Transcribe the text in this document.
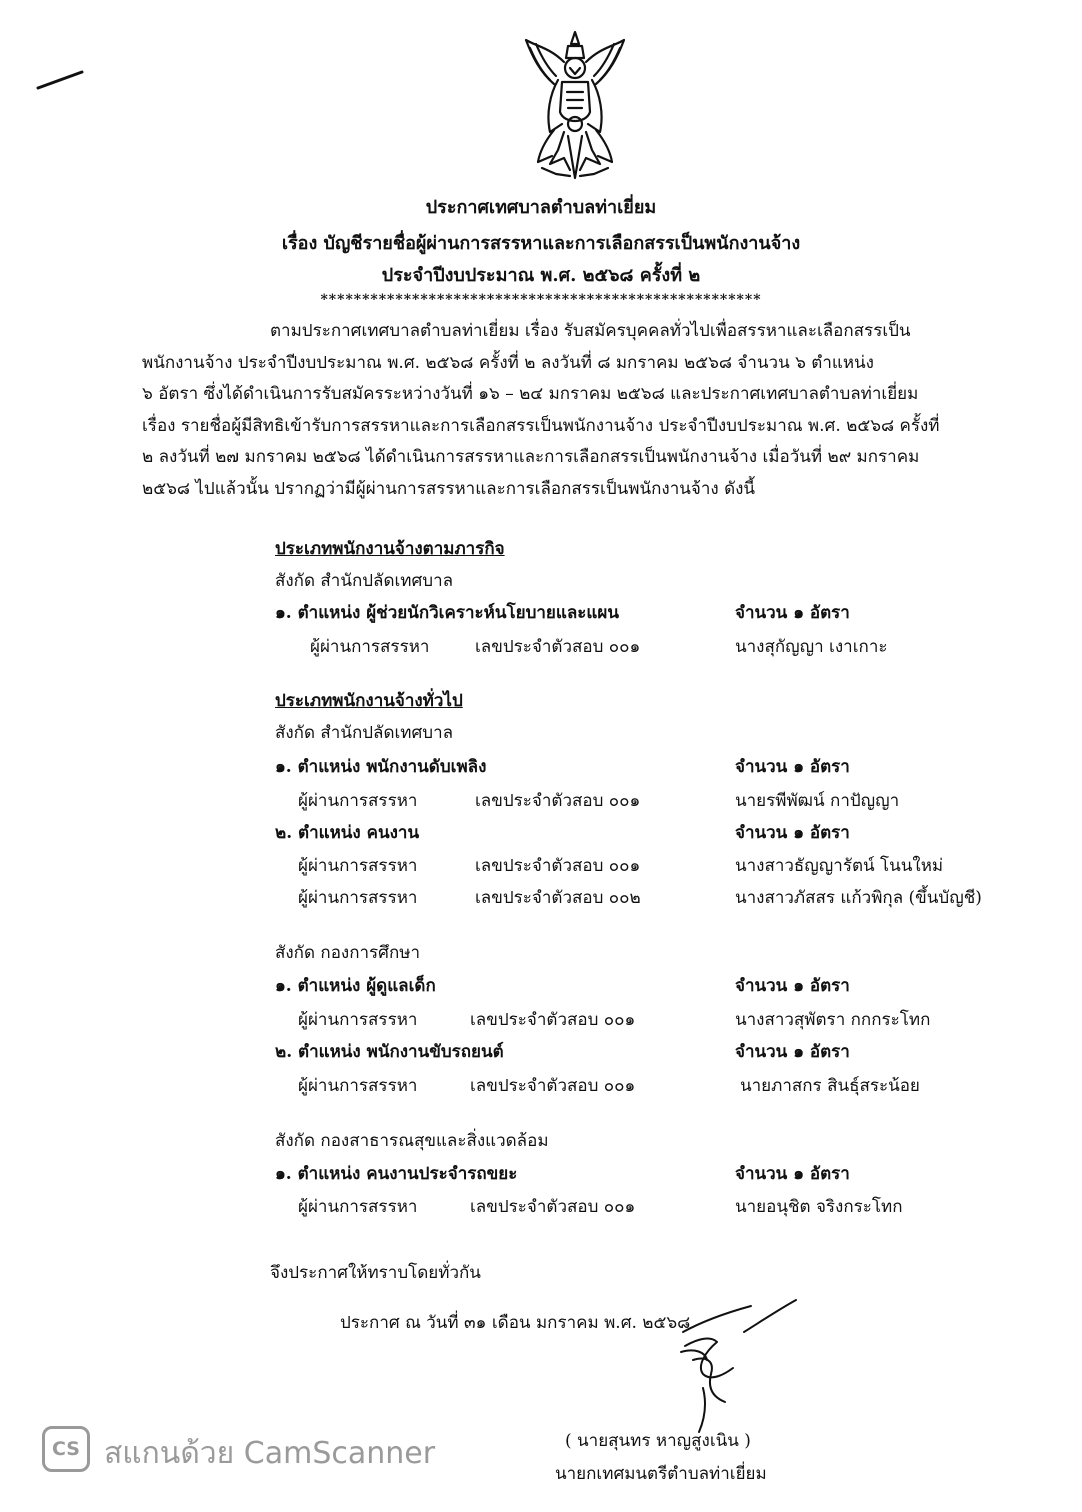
ประกาศเทศบาลตำบลท่าเยี่ยม
เรื่อง บัญชีรายชื่อผู้ผ่านการสรรหาและการเลือกสรรเป็นพนักงานจ้าง
ประจำปีงบประมาณ พ.ศ. ๒๕๖๘ ครั้งที่ ๒
*****************************************************

ตามประกาศเทศบาลตำบลท่าเยี่ยม เรื่อง รับสมัครบุคคลทั่วไปเพื่อสรรหาและเลือกสรรเป็น

พนักงานจ้าง ประจำปีงบประมาณ พ.ศ. ๒๕๖๘ ครั้งที่ ๒ ลงวันที่ ๘ มกราคม ๒๕๖๘ จำนวน ๖ ตำแหน่ง

๖ อัตรา ซึ่งได้ดำเนินการรับสมัครระหว่างวันที่ ๑๖ – ๒๔ มกราคม ๒๕๖๘ และประกาศเทศบาลตำบลท่าเยี่ยม

เรื่อง รายชื่อผู้มีสิทธิเข้ารับการสรรหาและการเลือกสรรเป็นพนักงานจ้าง ประจำปีงบประมาณ พ.ศ. ๒๕๖๘ ครั้งที่

๒ ลงวันที่ ๒๗ มกราคม ๒๕๖๘ ได้ดำเนินการสรรหาและการเลือกสรรเป็นพนักงานจ้าง เมื่อวันที่ ๒๙ มกราคม

๒๕๖๘ ไปแล้วนั้น ปรากฏว่ามีผู้ผ่านการสรรหาและการเลือกสรรเป็นพนักงานจ้าง ดังนี้

ประเภทพนักงานจ้างตามภารกิจ
สังกัด สำนักปลัดเทศบาล
๑. ตำแหน่ง ผู้ช่วยนักวิเคราะห์นโยบายและแผน	จำนวน ๑ อัตรา
ผู้ผ่านการสรรหา	เลขประจำตัวสอบ ๐๐๑	นางสุกัญญา เงาเกาะ
ประเภทพนักงานจ้างทั่วไป
สังกัด สำนักปลัดเทศบาล
๑. ตำแหน่ง พนักงานดับเพลิง	จำนวน ๑ อัตรา
ผู้ผ่านการสรรหา	เลขประจำตัวสอบ ๐๐๑	นายรพีพัฒน์ กาปัญญา
๒. ตำแหน่ง คนงาน	จำนวน ๑ อัตรา
ผู้ผ่านการสรรหา	เลขประจำตัวสอบ ๐๐๑	นางสาวธัญญารัตน์ โนนใหม่
ผู้ผ่านการสรรหา	เลขประจำตัวสอบ ๐๐๒	นางสาวภัสสร แก้วพิกุล (ขึ้นบัญชี)
สังกัด กองการศึกษา
๑. ตำแหน่ง ผู้ดูแลเด็ก	จำนวน ๑ อัตรา
ผู้ผ่านการสรรหา	เลขประจำตัวสอบ ๐๐๑	นางสาวสุพัตรา กกกระโทก
๒. ตำแหน่ง พนักงานขับรถยนต์	จำนวน ๑ อัตรา
ผู้ผ่านการสรรหา	เลขประจำตัวสอบ ๐๐๑	นายภาสกร สินธุ์สระน้อย
สังกัด กองสาธารณสุขและสิ่งแวดล้อม
๑. ตำแหน่ง คนงานประจำรถขยะ	จำนวน ๑ อัตรา
ผู้ผ่านการสรรหา	เลขประจำตัวสอบ ๐๐๑	นายอนุชิต จริงกระโทก
จึงประกาศให้ทราบโดยทั่วกัน
ประกาศ ณ วันที่ ๓๑ เดือน มกราคม พ.ศ. ๒๕๖๘
( นายสุนทร หาญสูงเนิน )
นายกเทศมนตรีตำบลท่าเยี่ยม
CS สแกนด้วย CamScanner
